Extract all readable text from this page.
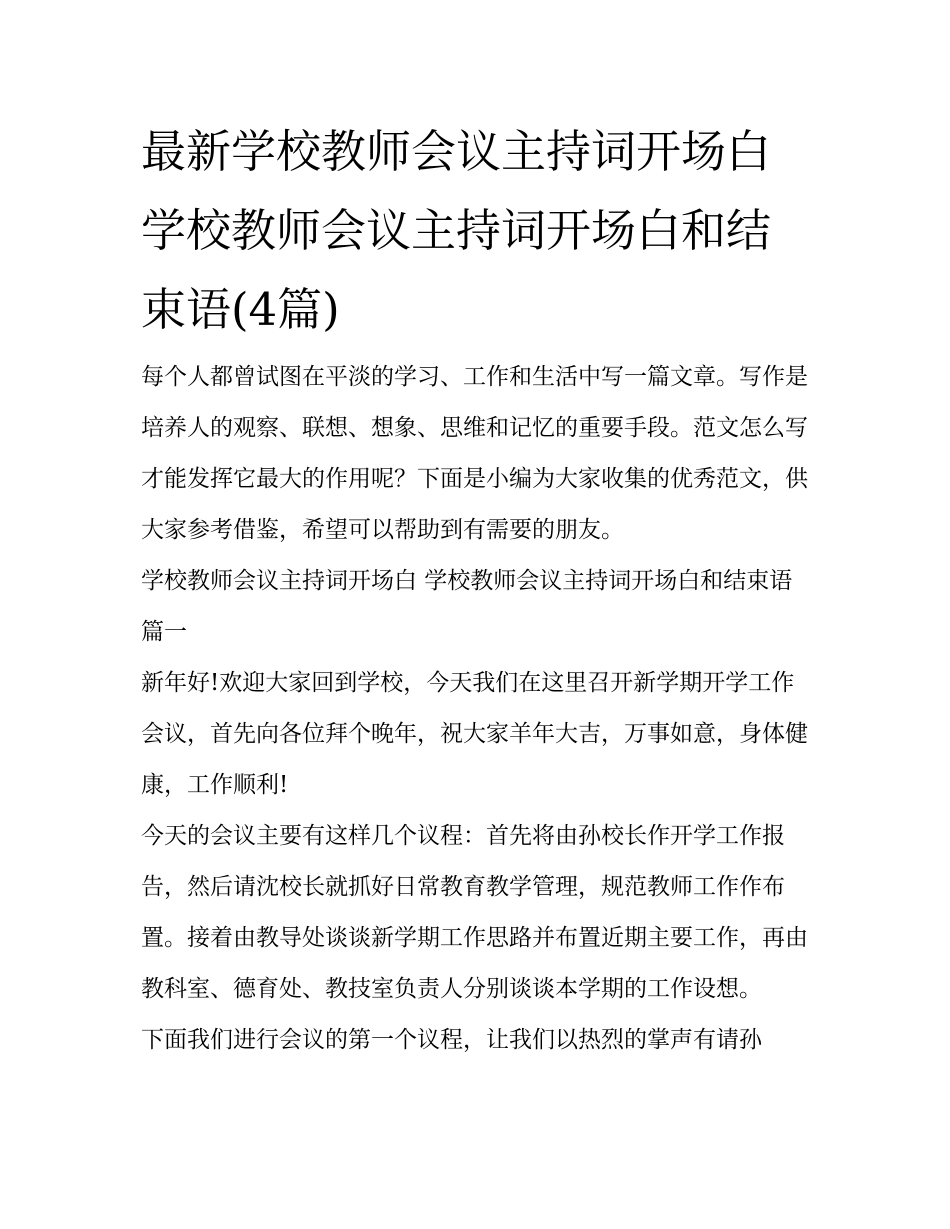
最新学校教师会议主持词开场白 学校教师会议主持词开场白和结束语(4篇)

每个人都曾试图在平淡的学习、工作和生活中写一篇文章。写作是培养人的观察、联想、想象、思维和记忆的重要手段。范文怎么写才能发挥它最大的作用呢？下面是小编为大家收集的优秀范文，供大家参考借鉴，希望可以帮助到有需要的朋友。

学校教师会议主持词开场白 学校教师会议主持词开场白和结束语篇一

新年好!欢迎大家回到学校，今天我们在这里召开新学期开学工作会议，首先向各位拜个晚年，祝大家羊年大吉，万事如意，身体健康，工作顺利!

今天的会议主要有这样几个议程：首先将由孙校长作开学工作报告，然后请沈校长就抓好日常教育教学管理，规范教师工作作布置。接着由教导处谈谈新学期工作思路并布置近期主要工作，再由教科室、德育处、教技室负责人分别谈谈本学期的工作设想。

下面我们进行会议的第一个议程，让我们以热烈的掌声有请孙
